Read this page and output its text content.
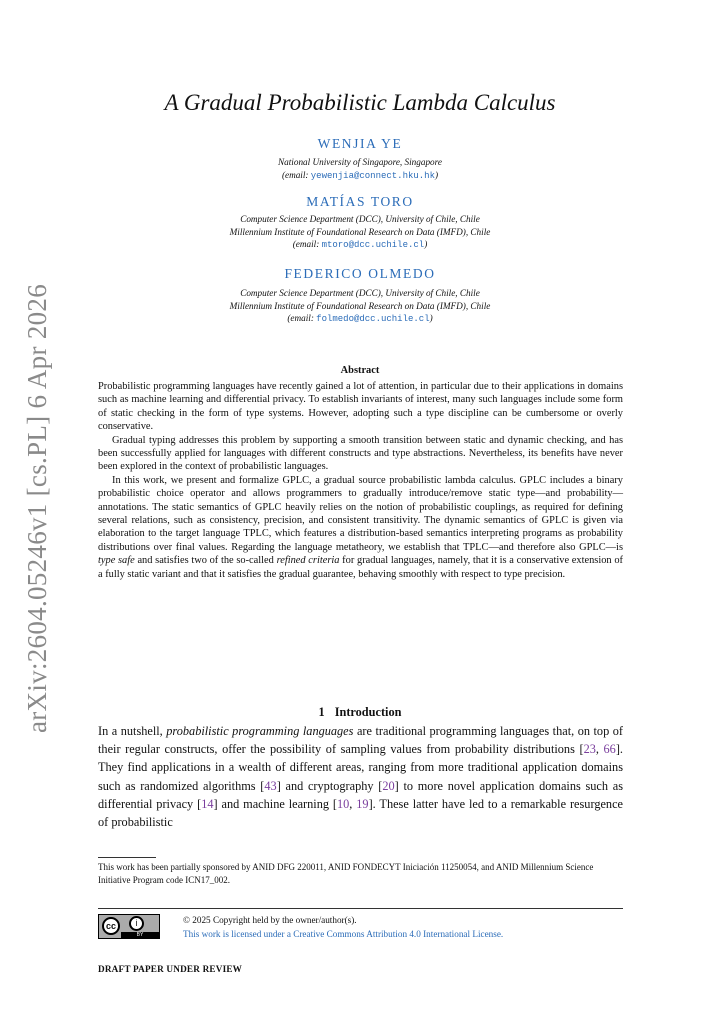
arXiv:2604.05246v1 [cs.PL] 6 Apr 2026
A Gradual Probabilistic Lambda Calculus
WENJIA YE
National University of Singapore, Singapore
(email: yewenjia@connect.hku.hk)
MATÍAS TORO
Computer Science Department (DCC), University of Chile, Chile
Millennium Institute of Foundational Research on Data (IMFD), Chile
(email: mtoro@dcc.uchile.cl)
FEDERICO OLMEDO
Computer Science Department (DCC), University of Chile, Chile
Millennium Institute of Foundational Research on Data (IMFD), Chile
(email: folmedo@dcc.uchile.cl)
Abstract

Probabilistic programming languages have recently gained a lot of attention, in particular due to their applications in domains such as machine learning and differential privacy. To establish invariants of interest, many such languages include some form of static checking in the form of type systems. However, adopting such a type discipline can be cumbersome or overly conservative.

Gradual typing addresses this problem by supporting a smooth transition between static and dynamic checking, and has been successfully applied for languages with different constructs and type abstractions. Nevertheless, its benefits have never been explored in the context of probabilistic languages.

In this work, we present and formalize GPLC, a gradual source probabilistic lambda calculus. GPLC includes a binary probabilistic choice operator and allows programmers to gradually introduce/remove static type—and probability—annotations. The static semantics of GPLC heavily relies on the notion of probabilistic couplings, as required for defining several relations, such as consistency, precision, and consistent transitivity. The dynamic semantics of GPLC is given via elaboration to the target language TPLC, which features a distribution-based semantics interpreting programs as probability distributions over final values. Regarding the language metatheory, we establish that TPLC—and therefore also GPLC—is type safe and satisfies two of the so-called refined criteria for gradual languages, namely, that it is a conservative extension of a fully static variant and that it satisfies the gradual guarantee, behaving smoothly with respect to type precision.

1 Introduction

In a nutshell, probabilistic programming languages are traditional programming languages that, on top of their regular constructs, offer the possibility of sampling values from probability distributions [23, 66]. They find applications in a wealth of different areas, ranging from more traditional application domains such as randomized algorithms [43] and cryptography [20] to more novel application domains such as differential privacy [14] and machine learning [10, 19]. These latter have led to a remarkable resurgence of probabilistic

This work has been partially sponsored by ANID DFG 220011, ANID FONDECYT Iniciación 11250054, and ANID Millennium Science Initiative Program code ICN17_002.

cc	i
BY
© 2025 Copyright held by the owner/author(s).
This work is licensed under a Creative Commons Attribution 4.0 International License.
DRAFT PAPER UNDER REVIEW
